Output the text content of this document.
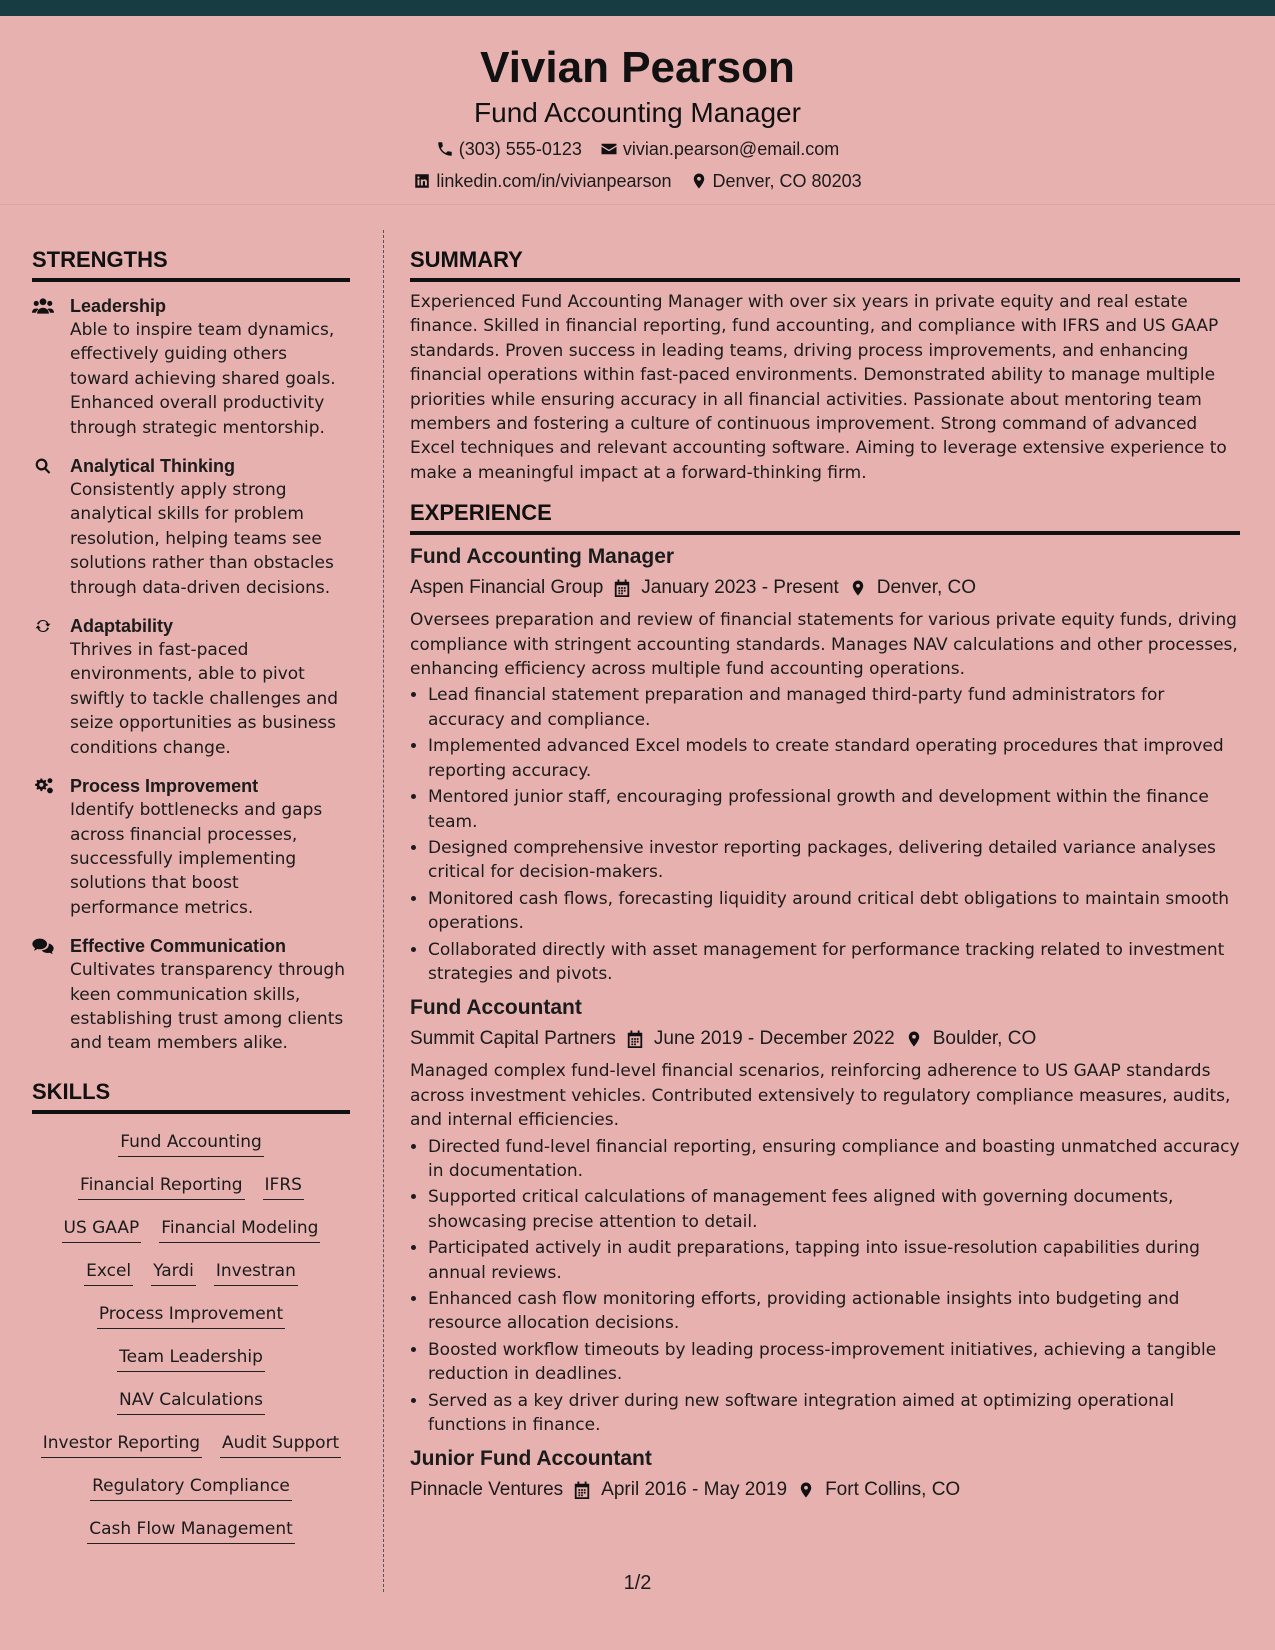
Vivian Pearson
Fund Accounting Manager
(303) 555-0123 vivian.pearson@email.com
linkedin.com/in/vivianpearson Denver, CO 80203
STRENGTHS
Leadership
Able to inspire team dynamics, effectively guiding others toward achieving shared goals. Enhanced overall productivity through strategic mentorship.
Analytical Thinking
Consistently apply strong analytical skills for problem resolution, helping teams see solutions rather than obstacles through data-driven decisions.
Adaptability
Thrives in fast-paced environments, able to pivot swiftly to tackle challenges and seize opportunities as business conditions change.
Process Improvement
Identify bottlenecks and gaps across financial processes, successfully implementing solutions that boost performance metrics.
Effective Communication
Cultivates transparency through keen communication skills, establishing trust among clients and team members alike.
SKILLS
Fund Accounting
Financial Reporting IFRS
US GAAP Financial Modeling
Excel Yardi Investran
Process Improvement
Team Leadership
NAV Calculations
Investor Reporting Audit Support
Regulatory Compliance
Cash Flow Management
SUMMARY
Experienced Fund Accounting Manager with over six years in private equity and real estate finance. Skilled in financial reporting, fund accounting, and compliance with IFRS and US GAAP standards. Proven success in leading teams, driving process improvements, and enhancing financial operations within fast-paced environments. Demonstrated ability to manage multiple priorities while ensuring accuracy in all financial activities. Passionate about mentoring team members and fostering a culture of continuous improvement. Strong command of advanced Excel techniques and relevant accounting software. Aiming to leverage extensive experience to make a meaningful impact at a forward-thinking firm.
EXPERIENCE
Fund Accounting Manager
Aspen Financial Group January 2023 - Present Denver, CO
Oversees preparation and review of financial statements for various private equity funds, driving compliance with stringent accounting standards. Manages NAV calculations and other processes, enhancing efficiency across multiple fund accounting operations.
• Lead financial statement preparation and managed third-party fund administrators for accuracy and compliance.
• Implemented advanced Excel models to create standard operating procedures that improved reporting accuracy.
• Mentored junior staff, encouraging professional growth and development within the finance team.
• Designed comprehensive investor reporting packages, delivering detailed variance analyses critical for decision-makers.
• Monitored cash flows, forecasting liquidity around critical debt obligations to maintain smooth operations.
• Collaborated directly with asset management for performance tracking related to investment strategies and pivots.
Fund Accountant
Summit Capital Partners June 2019 - December 2022 Boulder, CO
Managed complex fund-level financial scenarios, reinforcing adherence to US GAAP standards across investment vehicles. Contributed extensively to regulatory compliance measures, audits, and internal efficiencies.
• Directed fund-level financial reporting, ensuring compliance and boasting unmatched accuracy in documentation.
• Supported critical calculations of management fees aligned with governing documents, showcasing precise attention to detail.
• Participated actively in audit preparations, tapping into issue-resolution capabilities during annual reviews.
• Enhanced cash flow monitoring efforts, providing actionable insights into budgeting and resource allocation decisions.
• Boosted workflow timeouts by leading process-improvement initiatives, achieving a tangible reduction in deadlines.
• Served as a key driver during new software integration aimed at optimizing operational functions in finance.
Junior Fund Accountant
Pinnacle Ventures April 2016 - May 2019 Fort Collins, CO
1/2
